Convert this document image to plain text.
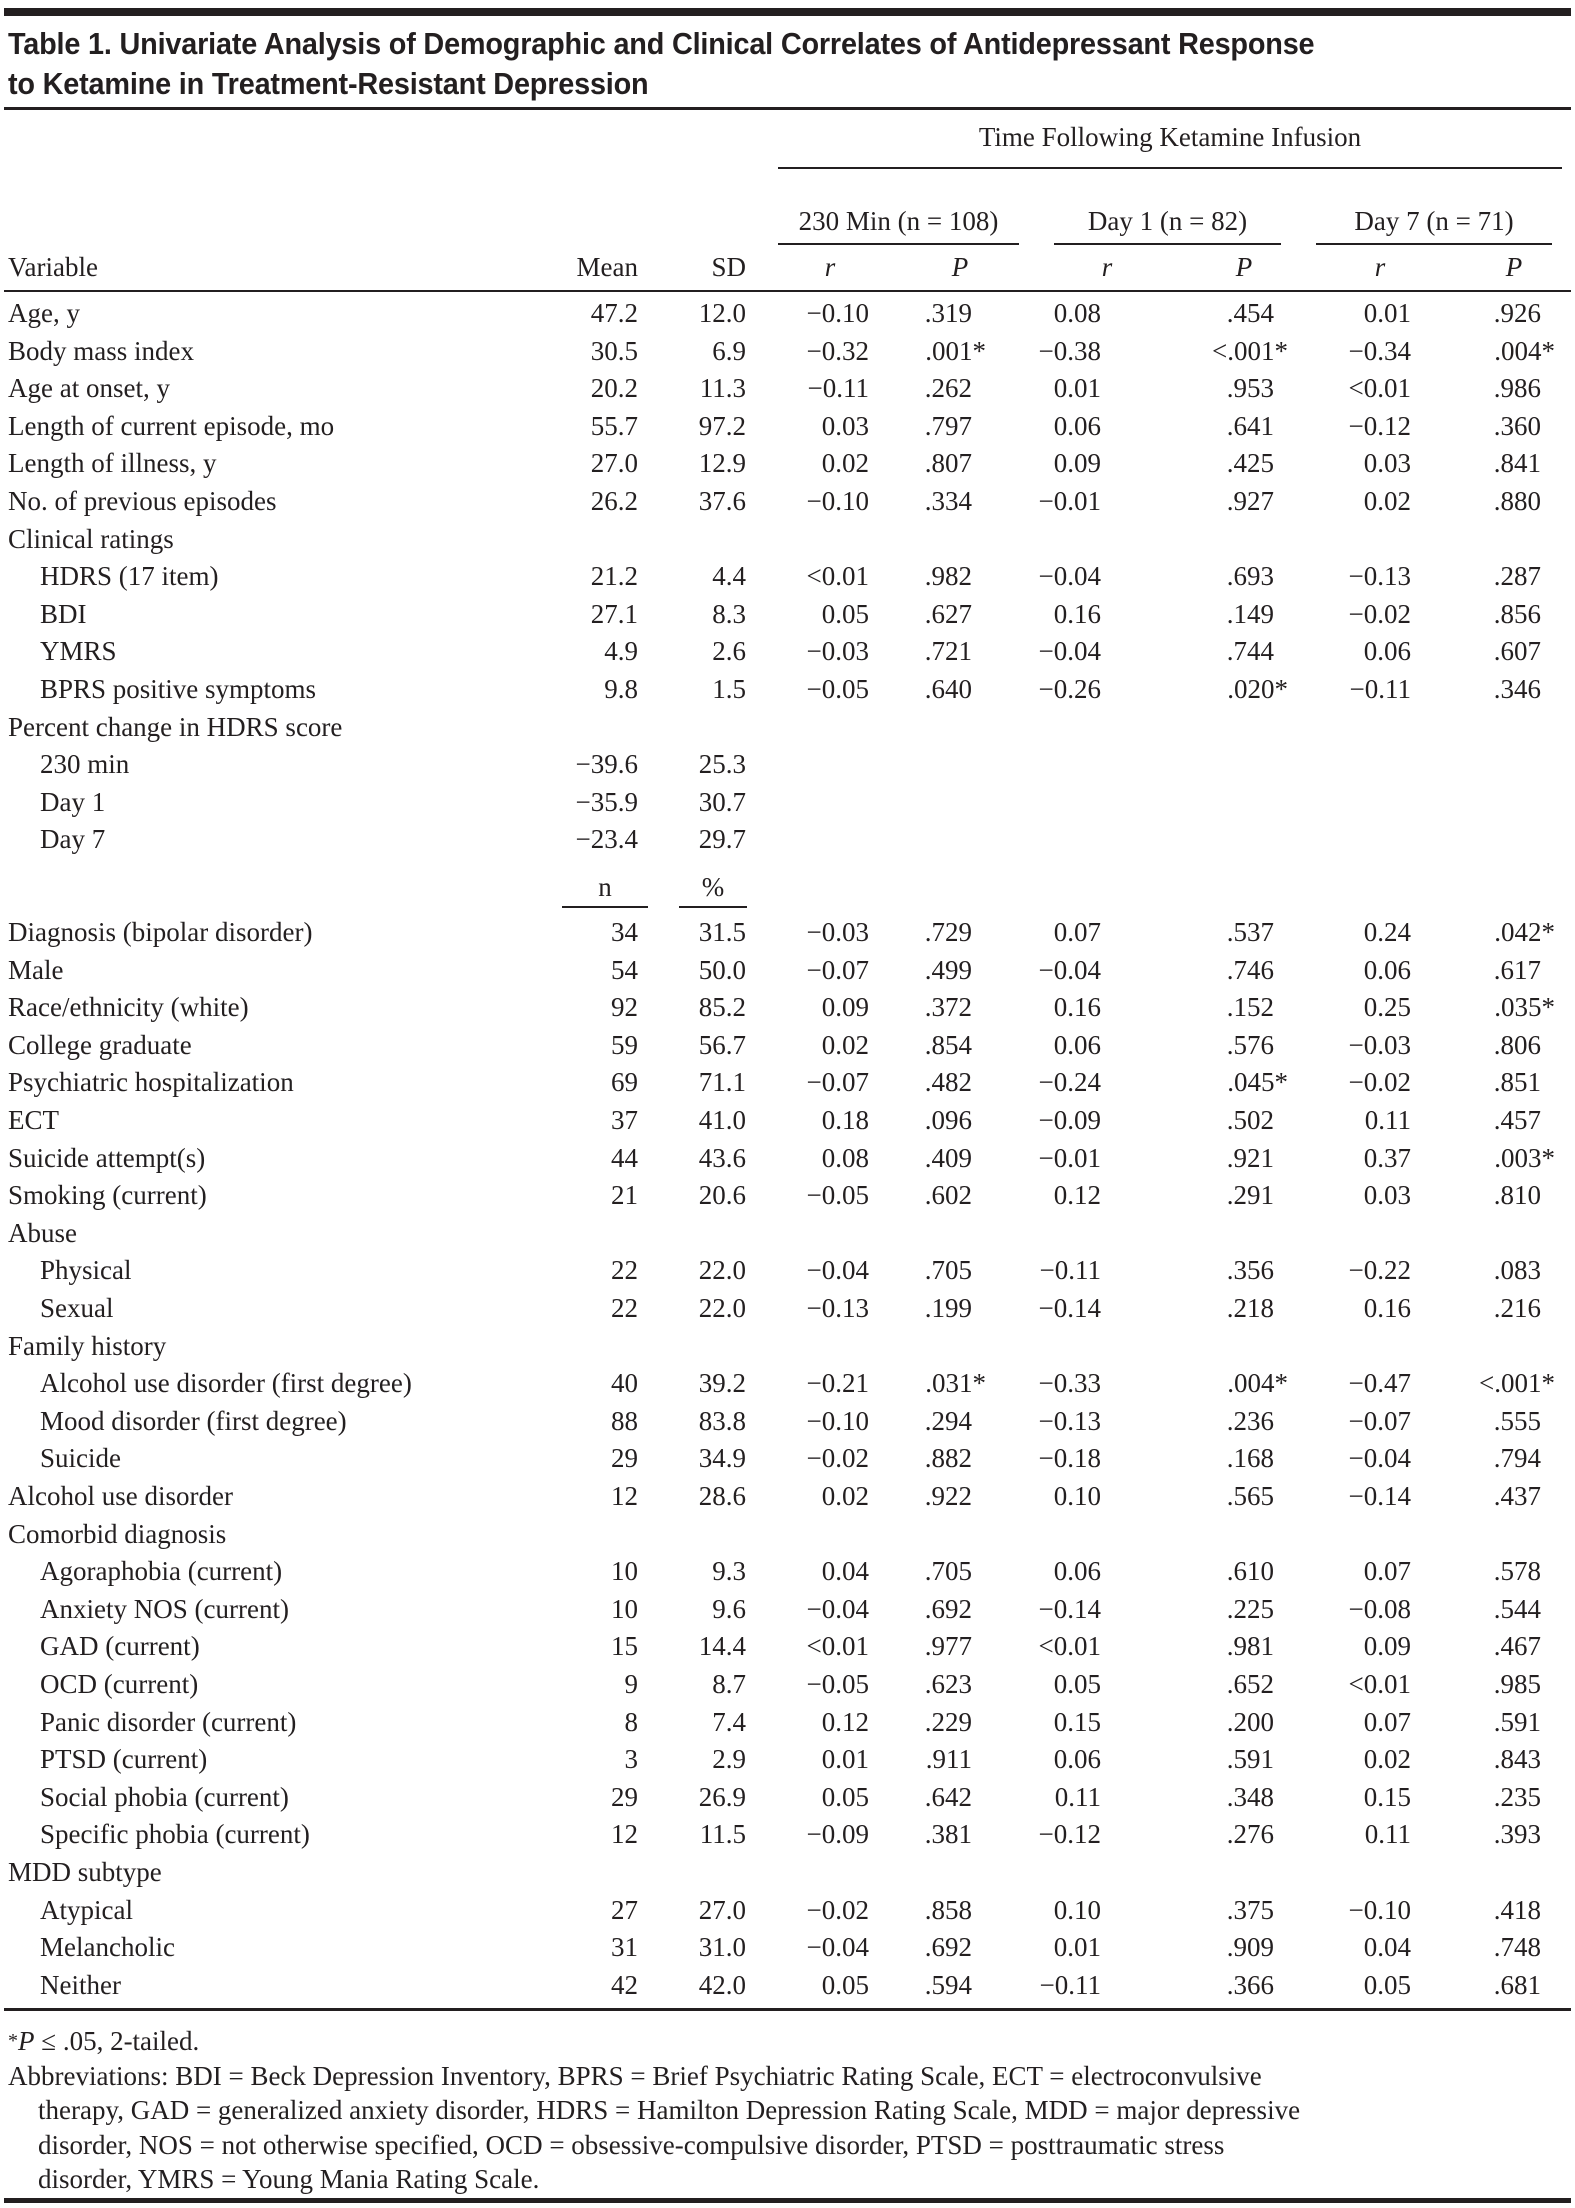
Table 1. Univariate Analysis of Demographic and Clinical Correlates of Antidepressant Response
to Ketamine in Treatment-Resistant Depression
Time Following Ketamine Infusion
230 Min (n = 108)	Day 1 (n = 82)	Day 7 (n = 71)
Variable	Mean	SD	r	P	r	P	r	P
Age, y	47.2	12.0	−0.10	.319	0.08	.454	0.01	.926
Body mass index	30.5	6.9	−0.32	.001*	−0.38	<.001*	−0.34	.004*
Age at onset, y	20.2	11.3	−0.11	.262	0.01	.953	<0.01	.986
Length of current episode, mo	55.7	97.2	0.03	.797	0.06	.641	−0.12	.360
Length of illness, y	27.0	12.9	0.02	.807	0.09	.425	0.03	.841
No. of previous episodes	26.2	37.6	−0.10	.334	−0.01	.927	0.02	.880
Clinical ratings
HDRS (17 item)	21.2	4.4	<0.01	.982	−0.04	.693	−0.13	.287
BDI	27.1	8.3	0.05	.627	0.16	.149	−0.02	.856
YMRS	4.9	2.6	−0.03	.721	−0.04	.744	0.06	.607
BPRS positive symptoms	9.8	1.5	−0.05	.640	−0.26	.020*	−0.11	.346
Percent change in HDRS score
230 min	−39.6	25.3
Day 1	−35.9	30.7
Day 7	−23.4	29.7
n	%
Diagnosis (bipolar disorder)	34	31.5	−0.03	.729	0.07	.537	0.24	.042*
Male	54	50.0	−0.07	.499	−0.04	.746	0.06	.617
Race/ethnicity (white)	92	85.2	0.09	.372	0.16	.152	0.25	.035*
College graduate	59	56.7	0.02	.854	0.06	.576	−0.03	.806
Psychiatric hospitalization	69	71.1	−0.07	.482	−0.24	.045*	−0.02	.851
ECT	37	41.0	0.18	.096	−0.09	.502	0.11	.457
Suicide attempt(s)	44	43.6	0.08	.409	−0.01	.921	0.37	.003*
Smoking (current)	21	20.6	−0.05	.602	0.12	.291	0.03	.810
Abuse
Physical	22	22.0	−0.04	.705	−0.11	.356	−0.22	.083
Sexual	22	22.0	−0.13	.199	−0.14	.218	0.16	.216
Family history
Alcohol use disorder (first degree)	40	39.2	−0.21	.031*	−0.33	.004*	−0.47	<.001*
Mood disorder (first degree)	88	83.8	−0.10	.294	−0.13	.236	−0.07	.555
Suicide	29	34.9	−0.02	.882	−0.18	.168	−0.04	.794
Alcohol use disorder	12	28.6	0.02	.922	0.10	.565	−0.14	.437
Comorbid diagnosis
Agoraphobia (current)	10	9.3	0.04	.705	0.06	.610	0.07	.578
Anxiety NOS (current)	10	9.6	−0.04	.692	−0.14	.225	−0.08	.544
GAD (current)	15	14.4	<0.01	.977	<0.01	.981	0.09	.467
OCD (current)	9	8.7	−0.05	.623	0.05	.652	<0.01	.985
Panic disorder (current)	8	7.4	0.12	.229	0.15	.200	0.07	.591
PTSD (current)	3	2.9	0.01	.911	0.06	.591	0.02	.843
Social phobia (current)	29	26.9	0.05	.642	0.11	.348	0.15	.235
Specific phobia (current)	12	11.5	−0.09	.381	−0.12	.276	0.11	.393
MDD subtype
Atypical	27	27.0	−0.02	.858	0.10	.375	−0.10	.418
Melancholic	31	31.0	−0.04	.692	0.01	.909	0.04	.748
Neither	42	42.0	0.05	.594	−0.11	.366	0.05	.681
*P ≤ .05, 2-tailed.
Abbreviations: BDI = Beck Depression Inventory, BPRS = Brief Psychiatric Rating Scale, ECT = electroconvulsive
therapy, GAD = generalized anxiety disorder, HDRS = Hamilton Depression Rating Scale, MDD = major depressive
disorder, NOS = not otherwise specified, OCD = obsessive-compulsive disorder, PTSD = posttraumatic stress
disorder, YMRS = Young Mania Rating Scale.
